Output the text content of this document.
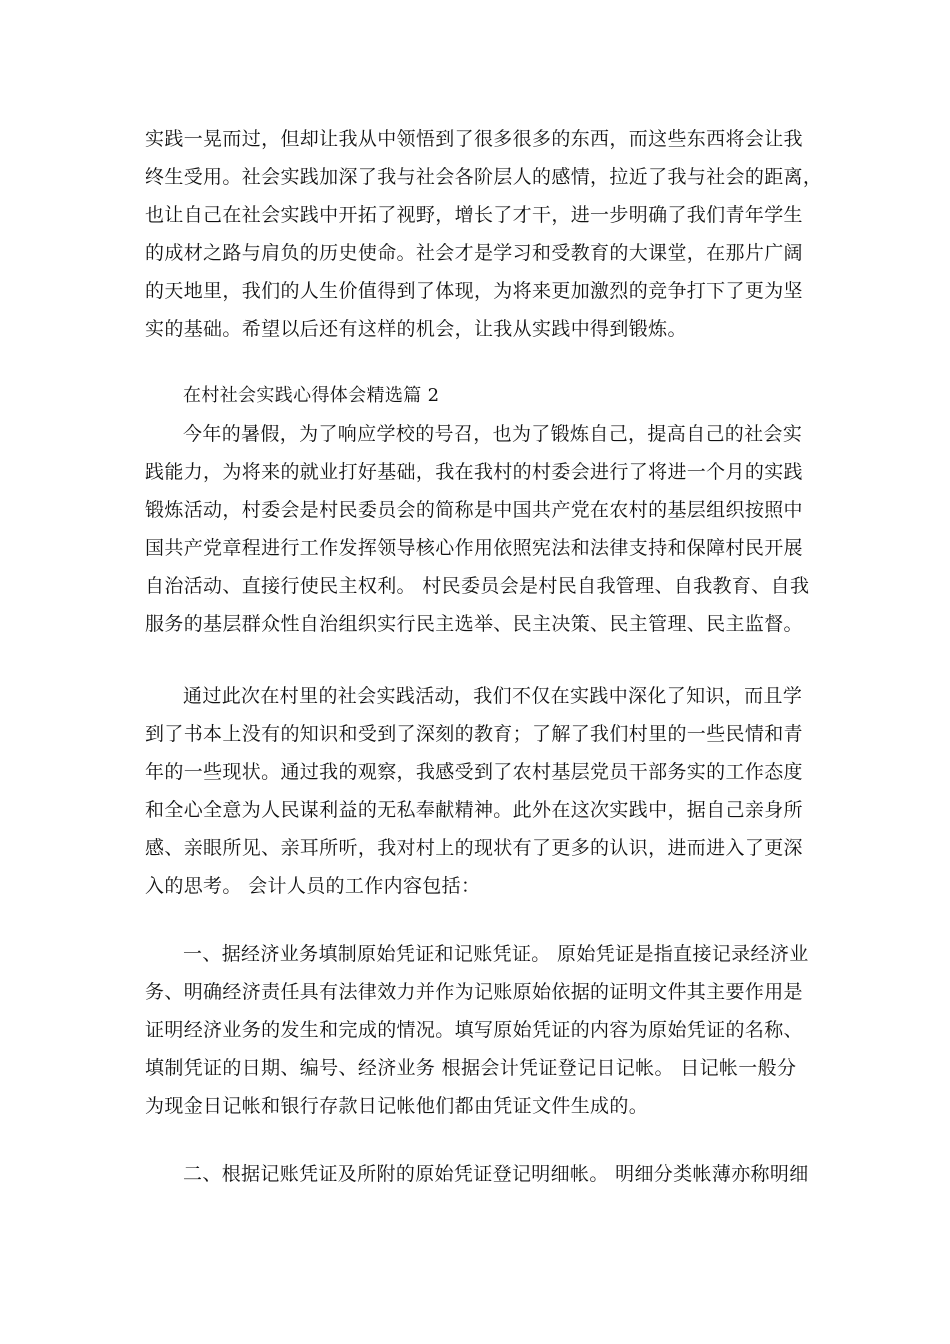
实践一晃而过，但却让我从中领悟到了很多很多的东西，而这些东西将会让我
终生受用。社会实践加深了我与社会各阶层人的感情，拉近了我与社会的距离，
也让自己在社会实践中开拓了视野，增长了才干，进一步明确了我们青年学生
的成材之路与肩负的历史使命。社会才是学习和受教育的大课堂，在那片广阔
的天地里，我们的人生价值得到了体现，为将来更加激烈的竞争打下了更为坚
实的基础。希望以后还有这样的机会，让我从实践中得到锻炼。
在村社会实践心得体会精选篇 2
今年的暑假，为了响应学校的号召，也为了锻炼自己，提高自己的社会实
践能力，为将来的就业打好基础，我在我村的村委会进行了将进一个月的实践
锻炼活动，村委会是村民委员会的简称是中国共产党在农村的基层组织按照中
国共产党章程进行工作发挥领导核心作用依照宪法和法律支持和保障村民开展
自治活动、直接行使民主权利。 村民委员会是村民自我管理、自我教育、自我
服务的基层群众性自治组织实行民主选举、民主决策、民主管理、民主监督。
通过此次在村里的社会实践活动，我们不仅在实践中深化了知识，而且学
到了书本上没有的知识和受到了深刻的教育；了解了我们村里的一些民情和青
年的一些现状。通过我的观察，我感受到了农村基层党员干部务实的工作态度
和全心全意为人民谋利益的无私奉献精神。此外在这次实践中，据自己亲身所
感、亲眼所见、亲耳所听，我对村上的现状有了更多的认识，进而进入了更深
入的思考。 会计人员的工作内容包括：
一、据经济业务填制原始凭证和记账凭证。 原始凭证是指直接记录经济业
务、明确经济责任具有法律效力并作为记账原始依据的证明文件其主要作用是
证明经济业务的发生和完成的情况。填写原始凭证的内容为原始凭证的名称、
填制凭证的日期、编号、经济业务 根据会计凭证登记日记帐。 日记帐一般分
为现金日记帐和银行存款日记帐他们都由凭证文件生成的。
二、根据记账凭证及所附的原始凭证登记明细帐。 明细分类帐薄亦称明细
